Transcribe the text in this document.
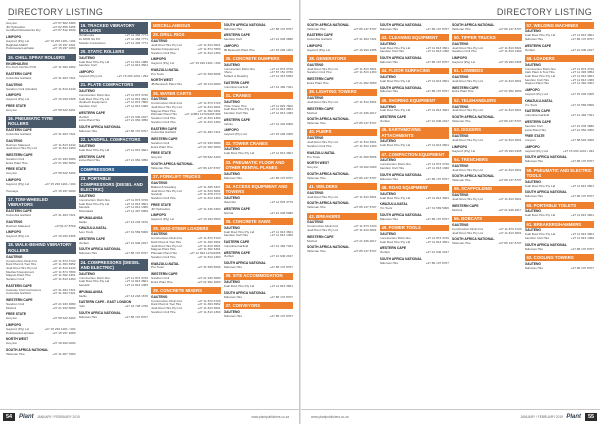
DIRECTORY LISTING
Greyton	+27 87 802 3380
JR Hydraulics	+27 82 856 3456
Certified Dieselworks Dry	+27 87 812 1830
LIMPOPO
Gaylord (Pty) Ltd	+27 15 293 1201 / 294
Baghdad Mahfil	+27 15 297 1001
Polokwane/Lephalai	+27 15 297 1060
15. CHILL SPRAY ROLLERS
EKURHULENI
Pro-Tech Nozzle PCN	+27 11 393 1862
EASTERN CAPE
Columbia Garfield	+27 41 484 7321
GAUTENG
Sandton Civil (Isitukilo)	+27 11 813 4440
LIMPOPO
Gaylord (Pty) Ltd	+27 15 293 2305
FREE STATE
Greyton	+27 58 622 3401
16. PNEUMATIC TYRE ROLLERS
EASTERN CAPE
Columbia Garfield	+27 41 484 7321
GAUTENG
Rolcium Malesedi	+27 11 813 4440
Joall Rout Hire Pty Ltd	+27 11 814 1990
WESTERN CAPE
Sandton Civil	+27 21 933 3680
Extra Plant Hire	+27 21 952 3050
FREE STATE
Greyton	+27 58 622 3400
LIMPOPO
Gaylord (Pty) Ltd	+27 15 293 1201 / 294
Tsamaya	+27 15 297 0000
17. TOW-WHEELED VIBRATORS
EASTERN CAPE
Columbia Garfield	+27 41 484 7321
GAUTENG
Rolcium Malesedi	+27(0) 27 8769
LIMPOPO
Gaylord (Pty) Ltd	+27 15 293 2305
18. WALK-BEHIND VIBRATORY ROLLERS
GAUTENG
Construction Distri-hire	+27 11 873 3720
Dark Plant & Tool Hire	+27 11 393 3952
Joall Rout Hire Pty Ltd	+27 11 813 4440
Meditech Equipment	+27 11 874 7800
Magnet Plant Hire	+27 11 392 3301
Sandton Civil	+27 11 813 1360
EASTERN CAPE
Kwanele Civil Contractors	+27 41 484 7321
Columbia Garfield	+27 41 484 7321
WESTERN CAPE
Sandton Civil	+27 21 933 3680
Morbuti	+27 21 932 5060
FREE STATE
Greyton	+27 58 622 3400
LIMPOPO
Gaylord (Pty) Ltd	+27 15 293 1201 / 294
Polokwane/Lephalai	+27 15 297 1060
NORTH WEST
Greyton	+27 18 462 0200
SOUTH AFRICA NATIONAL
Talisman Hire	+27 11 967 7660
19. TRACKED VIBRATORY ROLLERS
Mirrabooka	+27 11 436 7771
EL MON SA PG	+27 11 436 7771
Altitude Contraction	+27 11 436 7771
20. STATIC ROLLERS
GAUTENG
Joall Rout Hire Pty Ltd	+27 11 814 1980
Sandton Civil	+27 11 813 3601
LIMPOPO
Gaylord (Pty) Ltd	+27 15 293 1201 / 294
21. PLATE COMPACTORS
GAUTENG
Construction Distri-hire	+27 11 873 3720
Joall Rout Hire Pty Ltd	+27 11 813 3601
Meditech Equipment	+27 11 874 7800
Sandton Civil	+27 11 813 1360
WESTERN CAPE
Morbuti	+27 21 946 2017
Extra Plant Hire	+27 21 952 3050
SOUTH AFRICA NATIONAL
Talisman Hire	+27 86 137 8707
22. LANDFILL COMPACTORS
GAUTENG
Joall Rout Hire Pty Ltd	+27 11 813 3601
WESTERN CAPE
Extra Plant Hire	+27 21 952 3050
COMPRESSORS
23. PORTABLE COMPRESSORS (DIESEL AND ELECTRIC)
GAUTENG
Construction Distri-hire	+27 11 873 3720
Joall Rout Hire Pty Ltd	+27 11 813 3601
Sandvik	+27 11 813 1360
Tsherakale	+27 11 397 6000
MPUMALANGA
Stellio	+27 13 243 1670
KWAZULU-NATAL
Aero Tools	+27 31 569 5006
WESTERN CAPE
Morbuti	+27 21 946 2017
SOUTH AFRICA NATIONAL
Talisman Hire	+27 86 137 8707
24. COMPRESSORS (DIESEL AND ELECTRIC)
GAUTENG
Construction Distri-hire	+27 11 873 3720
Joall Rout Hire Pty Ltd	+27 11 813 3601
Sandvik	+27 11 813 1360
MPUMALANGA
Stellio	+27 13 243 1670
EASTERN CAPE - EAST LONDON
Nulo	+27 43 748 1760
SOUTH AFRICA NATIONAL
Talisman Hire	+27 86 137 8707
MISCELLANEOUS
25. DRILL RIGS
GAUTENG
Joall Rout Hire Pty Ltd	+27 11 813 3601
Meditech Equipment	+27 11 874 7800
Sandton Civil Hire	+27 11 813 1360
LIMPOPO
Gaylord (Pty) Ltd	+27 15 293 1201 / 294
KWAZULU-NATAL
Pro Tools	+27 31 569 5006
NORTH WEST
JB Bestuurh Plant Hire	+27 18 213 0000
26. WATER CARTS
GAUTENG
Construction Distri-hire	+27 11 873 3720
Joall Rout Hire Pty Ltd	+27 11 813 3601
Magnet Plant Hire	+27 11 392 3301
Plitmatic Plant Hire	+27 12664 1270/2265 999
Sandton Civil Hire	+27 11 813 1360
Sandton Civil Hire	+27 11 813 1360
EASTERN CAPE
Columbia Garfield	+27 41 484 7321
WESTERN CAPE
Sandton Civil	+27 21 933 3680
Extra Plant Hire	+27 21 952 3050
FREE STATE
Greyton	+27 58 622 3400
SOUTH AFRICA NATIONAL
Talisman Hire	+27 86 137 8707
27. FORKLIFT TRUCKS
GAUTENG
Ballard & Reading	+27 11 395 3327
Joall Rout Hire Pty Ltd	+27 11 813 3601
Sandvik	+27 11 878 3770
Sandton Civil Hire	+27 11 813 1360
FREE STATE
JR Hydraulics	+27 11 436 3360
LIMPOPO
Gaylord (Pty) Ltd	+27 15 293 3560
28. SKID-STEER LOADERS
GAUTENG
Construction Distri-hire	+27 11 873 3720
Dark Plant & Tool Hire	+27 11 393 3952
Joall Rout Hire Pty Ltd	+27 11 813 3601
Magnet Plant Hire	+27 11 392 3301
Plitmatic Plant Hire	+27 12 664 1270/2265
Sandton Civil Hire	+27 11 813 1360
KWAZULU-NATAL
Pro Tools	+27 31 569 5006
WESTERN CAPE
Sandton Civil	+27 21 933 3680
Extra Plant Hire	+27 21 952 3050
29. CONCRETE MIXERS
GAUTENG
Construction Distri-hire	+27 11 873 3720
Dark Plant & Tool Hire	+27 11 393 3952
Joall Rout Hire Pty Ltd	+27 11 813 3601
Sandton Civil Hire	+27 11 813 1360
SOUTH AFRICA NATIONAL
Talisman Hire	+27 86 137 8707
WESTERN CAPE
Sandton Civil	+27 21 933 3680
LIMPOPO
JB Bestuurh Plant Hire	+27 15 293 1201
30. CONCRETE DUMPERS
GAUTENG
Construction Distri-hire	+27 11 873 3720
Nhulo	+27 87 151 3760
Bollard & Reading	+27 11 313 5053
EASTERN CAPE
Columbia Garfield	+27 41 484 7321
31. CRANES
GAUTENG
Pride Crane Hire	+27 11 822 7602
Joall Rout Hire Pty Ltd	+27 11 813 3601
Sandton Civil Hire	+27 11 813 1360
WESTERN CAPE
Fahnis	+27 21 444 6400
LIMPOPO
Gaylord (Pty) Ltd	+27 15 293 2305
32. TOWER CRANES
GAUTENG
Joall Rout Hire Pty Ltd	+27 11 813 3601
33. PNEUMATIC FLOOR AND OTHER RENTAL PLANES
GAUTENG
Talisman Hire	+27 86 137 8707
34. ACCESS EQUIPMENT AND TOWERS
GAUTENG
Mavimbo	+27 11 978 3770
WESTERN CAPE
Sprinta	+27 21 946 5080
35. CONCRETE SAWS
GAUTENG
Joall Rout Hire Pty Ltd	+27 11 813 3601
Sandton Civil Hire	+27 11 813 1360
EASTERN CAPE
Columbia Garfield	+27 41 484 7321
WESTERN CAPE
Morbuti	+27 21 946 2017
SOUTH AFRICA NATIONAL
Talisman Hire	+27 86 137 8707
36. SITE ACCOMMODATION
GAUTENG
Joall Rout Hire Pty Ltd	+27 11 813 3601
SOUTH AFRICA NATIONAL
Talisman Hire	+27 86 137 8707
37. CONVEYORS
GAUTENG
Talisman Hire	+27 86 137 8707
54	Plant JANUARY / FEBRUARY 2019	www.plantpublishers.co.za
DIRECTORY LISTING
SOUTH AFRICA NATIONAL
Talisman Hire	+27 86 137 8707
EASTERN CAPE
Columbia Garfield	+27 41 484 7321
LIMPOPO
Gaylord (Pty) Ltd	+27 15 293 2305
38. GENERATORS
GAUTENG
Joall Rout Hire Pty Ltd	+27 11 813 3601
Sandton Civil Hire	+27 11 813 1360
WESTERN CAPE
Extra Plant Hire	+27 21 952 3050
39. LIGHTING TOWERS
GAUTENG
Joall Rout Hire Pty Ltd	+27 11 813 3601
WESTERN CAPE
Morbuti	+27 21 946 2017
SOUTH AFRICA NATIONAL
Talisman Hire	+27 86 137 8707
40. PUMPS
GAUTENG
Joall Rout Hire Pty Ltd	+27 11 813 3601
Sandton Civil Hire	+27 11 813 1360
KWAZULU-NATAL
Pro Tools	+27 31 569 5006
NORTH WEST
Greyton	+27 18 462 0200
SOUTH AFRICA NATIONAL
Talisman Hire	+27 86 137 8707
41. WELDERS
GAUTENG
Joall Rout Hire Pty Ltd	+27 11 813 3601
SOUTH AFRICA NATIONAL
Talisman Hire	+27 86 137 8707
42. BREAKERS
GAUTENG
Construction Distri-hire	+27 11 873 3720
Joall Rout Hire Pty Ltd	+27 11 813 3601
WESTERN CAPE
Morbuti	+27 21 946 2017
SOUTH AFRICA NATIONAL
Talisman Hire	+27 86 137 8707
SOUTH AFRICA NATIONAL
Talisman Hire	+27 86 137 8707
43. CLEANING EQUIPMENT
GAUTENG
Joall Rout Hire Pty Ltd	+27 11 813 3601
Sandton Civil Hire	+27 11 813 1360
SOUTH AFRICA NATIONAL
Talisman Hire	+27 86 137 8707
44. FLOOR SURFACING
GAUTENG
Joall Rout Hire Pty Ltd	+27 11 813 3601
SOUTH AFRICA NATIONAL
Talisman Hire	+27 86 137 8707
45. SHORING EQUIPMENT
GAUTENG
Joall Rout Hire Pty Ltd	+27 11 813 3601
WESTERN CAPE
Morbuti	+27 21 946 2017
46. EARTHMOVING ATTACHMENTS
GAUTENG
Joall Rout Hire Pty Ltd	+27 11 813 3601
47. COMPACTION EQUIPMENT
GAUTENG
Construction Distri-hire	+27 11 873 3720
Sandton Civil Hire	+27 11 813 1360
SOUTH AFRICA NATIONAL
Talisman Hire	+27 86 137 8707
48. ROAD EQUIPMENT
GAUTENG
Joall Rout Hire Pty Ltd	+27 11 813 3601
KWAZULU-NATAL
Pro Tools	+27 31 569 5006
SOUTH AFRICA NATIONAL
Talisman Hire	+27 86 137 8707
49. POWER TOOLS
GAUTENG
Construction Distri-hire	+27 11 873 3720
Joall Rout Hire Pty Ltd	+27 11 813 3601
WESTERN CAPE
Morbuti	+27 21 946 2017
SOUTH AFRICA NATIONAL
Talisman Hire	+27 86 137 8707
SOUTH AFRICA NATIONAL
Talisman Hire	+27 86 137 8707
50. TIPPER TRUCKS
GAUTENG
Joall Rout Hire Pty Ltd	+27 11 813 3601
Sandton Civil Hire	+27 11 813 1360
LIMPOPO
Gaylord (Pty) Ltd	+27 15 293 2305
51. LOWBEDS
GAUTENG
Joall Rout Hire Pty Ltd	+27 11 813 3601
WESTERN CAPE
Extra Plant Hire	+27 21 952 3050
52. TELEHANDLERS
GAUTENG
Joall Rout Hire Pty Ltd	+27 11 813 3601
SOUTH AFRICA NATIONAL
Talisman Hire	+27 86 137 8707
53. DIGGERS
GAUTENG
Joall Rout Hire Pty Ltd	+27 11 813 3601
LIMPOPO
Gaylord (Pty) Ltd	+27 15 293 2305
54. TRENCHERS
GAUTENG
Joall Rout Hire Pty Ltd	+27 11 813 3601
SOUTH AFRICA NATIONAL
Talisman Hire	+27 86 137 8707
55. SCAFFOLDING
GAUTENG
Joall Rout Hire Pty Ltd	+27 11 813 3601
WESTERN CAPE
Morbuti	+27 21 946 2017
56. BOBCATS
GAUTENG
Construction Distri-hire	+27 11 873 3720
Joall Rout Hire Pty Ltd	+27 11 813 3601
SOUTH AFRICA NATIONAL
Talisman Hire	+27 86 137 8707
57. WELDING MACHINES
GAUTENG
Joall Rout Hire Pty Ltd	+27 11 813 3601
Talisman Hire	+27 86 137 8707
WESTERN CAPE
Morbuti	+27 21 946 2017
58. LOADERS
GAUTENG
Construction Distri-hire	+27 11 873 3720
Dark Plant & Tool Hire	+27 11 393 3952
Joall Rout Hire Pty Ltd	+27 11 813 3601
Sandton Civil Hire	+27 11 813 1360
Magnet Plant Hire	+27 11 392 3301
LIMPOPO
Gaylord (Pty) Ltd	+27 15 293 2305
KWAZULU-NATAL
Pro Tools	+27 31 569 5006
EASTERN CAPE
Columbia Garfield	+27 41 484 7321
WESTERN CAPE
Sandton Civil	+27 21 933 3680
Extra Plant Hire	+27 21 952 3050
FREE STATE
Greyton	+27 58 622 3400
LIMPOPO
Gaylord (Pty) Ltd	+27 15 293 1201 / 294
SOUTH AFRICA NATIONAL
Talisman Hire	+27 86 137 8707
59. PNEUMATIC AND ELECTRIC TOOLS
GAUTENG
Joall Rout Hire Pty Ltd	+27 11 813 3601
SOUTH AFRICA NATIONAL
Talisman Hire	+27 86 137 8707
60. PORTABLE TOILETS
GAUTENG
Joall Rout Hire Pty Ltd	+27 11 813 3601
61. BREAKERS/HAMMERS
GAUTENG
Joall Rout Hire Pty Ltd	+27 11 813 3601
Sandton Civil Hire	+27 11 813 1360
SOUTH AFRICA NATIONAL
Talisman Hire	+27 86 137 8707
62. COOLING TOWERS
GAUTENG
Talisman Hire	+27 86 137 8707
www.plantpublishers.co.za	JANUARY / FEBRUARY 2019 Plant	55
